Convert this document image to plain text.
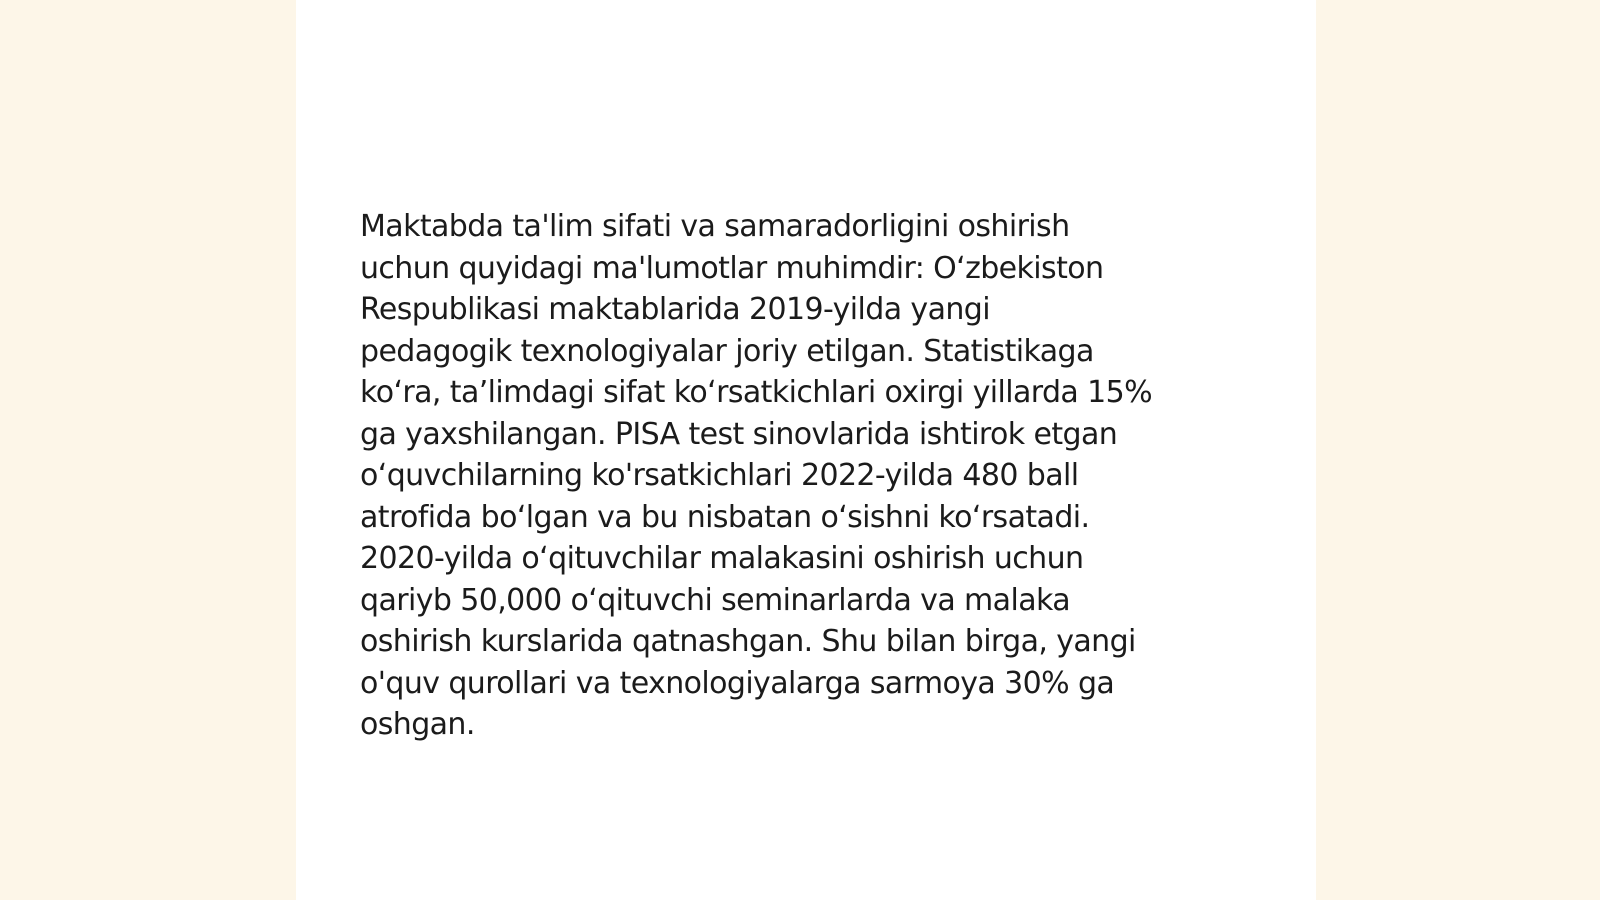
Maktabda ta'lim sifati va samaradorligini oshirish
uchun quyidagi ma'lumotlar muhimdir: O‘zbekiston
Respublikasi maktablarida 2019-yilda yangi
pedagogik texnologiyalar joriy etilgan. Statistikaga
ko‘ra, ta’limdagi sifat ko‘rsatkichlari oxirgi yillarda 15%
ga yaxshilangan. PISA test sinovlarida ishtirok etgan
o‘quvchilarning ko'rsatkichlari 2022-yilda 480 ball
atrofida bo‘lgan va bu nisbatan o‘sishni ko‘rsatadi.
2020-yilda o‘qituvchilar malakasini oshirish uchun
qariyb 50,000 o‘qituvchi seminarlarda va malaka
oshirish kurslarida qatnashgan. Shu bilan birga, yangi
o'quv qurollari va texnologiyalarga sarmoya 30% ga
oshgan.
